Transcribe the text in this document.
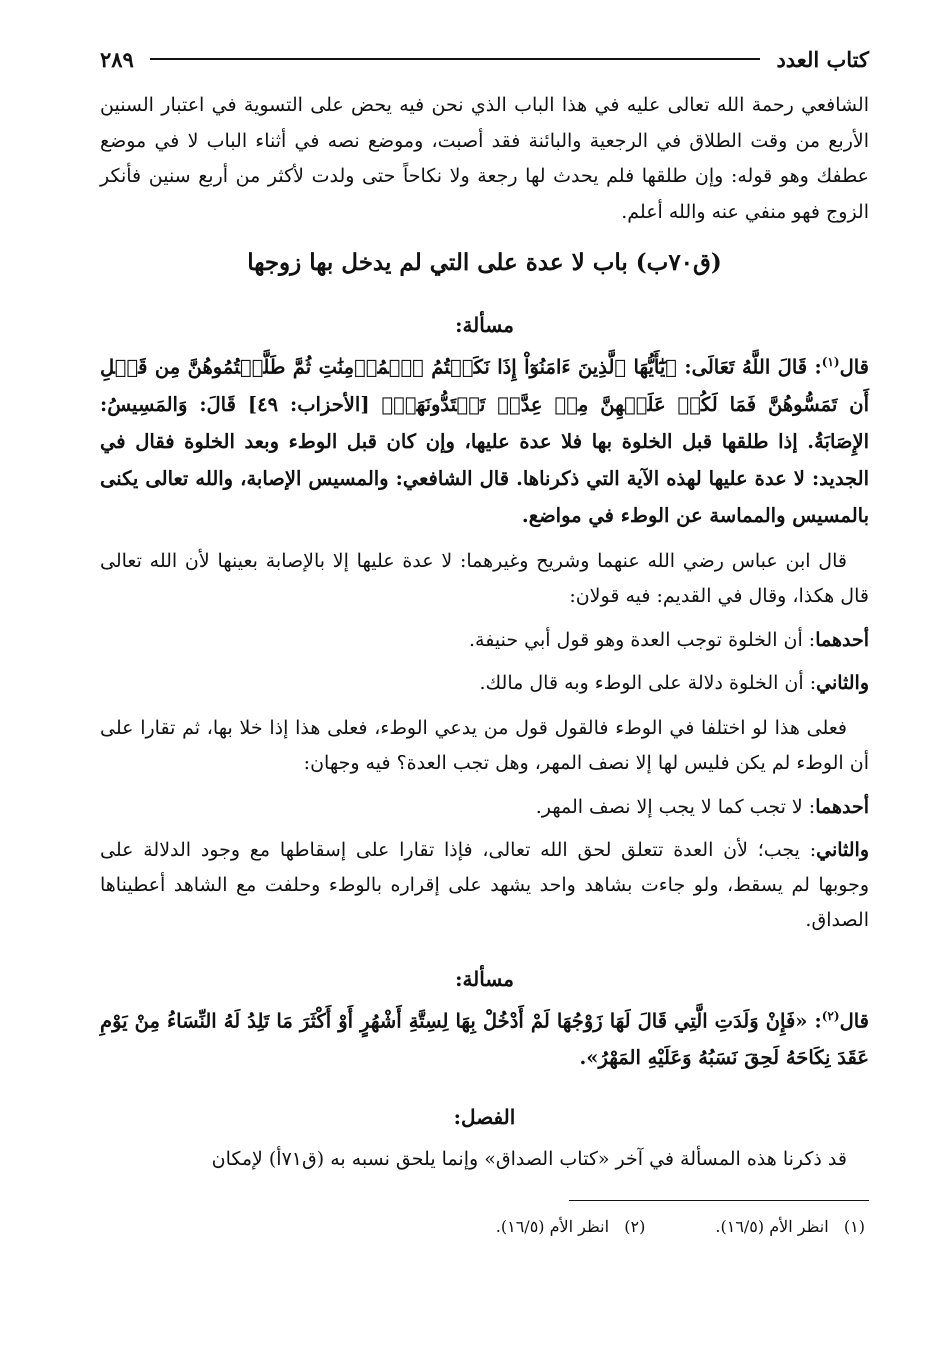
كتاب العدد
٢٨٩

الشافعي رحمة الله تعالى عليه في هذا الباب الذي نحن فيه يحض على التسوية في اعتبار السنين الأربع من وقت الطلاق في الرجعية والبائنة فقد أصبت، وموضع نصه في أثناء الباب لا في موضع عطفك وهو قوله: وإن طلقها فلم يحدث لها رجعة ولا نكاحاً حتى ولدت لأكثر من أربع سنين فأنكر الزوج فهو منفي عنه والله أعلم.

(ق٧٠ب) باب لا عدة على التي لم يدخل بها زوجها
مسألة:

قال$^{(١)}$: قَالَ اللَّهُ تَعَالَى: ﴿يَٰٓأَيُّهَا ٱلَّذِينَ ءَامَنُوٓاْ إِذَا نَكَحۡتُمُ ٱلۡمُؤۡمِنَٰتِ ثُمَّ طَلَّقۡتُمُوهُنَّ مِن قَبۡلِ أَن تَمَسُّوهُنَّ فَمَا لَكُمۡ عَلَيۡهِنَّ مِنۡ عِدَّةٖ تَعۡتَدُّونَهَاۖ﴾ [الأحزاب: ٤٩] قَالَ: وَالمَسِيسُ: الإِصَابَةُ. إذا طلقها قبل الخلوة بها فلا عدة عليها، وإن كان قبل الوطء وبعد الخلوة فقال في الجديد: لا عدة عليها لهذه الآية التي ذكرناها. قال الشافعي: والمسيس الإصابة، والله تعالى يكنى بالمسيس والمماسة عن الوطء في مواضع.

قال ابن عباس رضي الله عنهما وشريح وغيرهما: لا عدة عليها إلا بالإصابة بعينها لأن الله تعالى قال هكذا، وقال في القديم: فيه قولان:

أحدهما: أن الخلوة توجب العدة وهو قول أبي حنيفة.

والثاني: أن الخلوة دلالة على الوطء وبه قال مالك.

فعلى هذا لو اختلفا في الوطء فالقول قول من يدعي الوطء، فعلى هذا إذا خلا بها، ثم تقارا على أن الوطء لم يكن فليس لها إلا نصف المهر، وهل تجب العدة؟ فيه وجهان:

أحدهما: لا تجب كما لا يجب إلا نصف المهر.

والثاني: يجب؛ لأن العدة تتعلق لحق الله تعالى، فإذا تقارا على إسقاطها مع وجود الدلالة على وجوبها لم يسقط، ولو جاءت بشاهد واحد يشهد على إقراره بالوطء وحلفت مع الشاهد أعطيناها الصداق.

مسألة:

قال$^{(٢)}$: «فَإِنْ وَلَدَتِ الَّتِي قَالَ لَهَا زَوْجُهَا لَمْ أَدْخُلْ بِهَا لِسِتَّةِ أَشْهُرٍ أَوْ أَكْثَرَ مَا تَلِدُ لَهُ النِّسَاءُ مِنْ يَوْمِ عَقَدَ نِكَاحَهُ لَحِقَ نَسَبُهُ وَعَلَيْهِ المَهْرُ».

الفصل:

قد ذكرنا هذه المسألة في آخر «كتاب الصداق» وإنما يلحق نسبه به (ق٧١أ) لإمكان

(١)   انظر الأم (١٦/٥).
(٢)   انظر الأم (١٦/٥).
